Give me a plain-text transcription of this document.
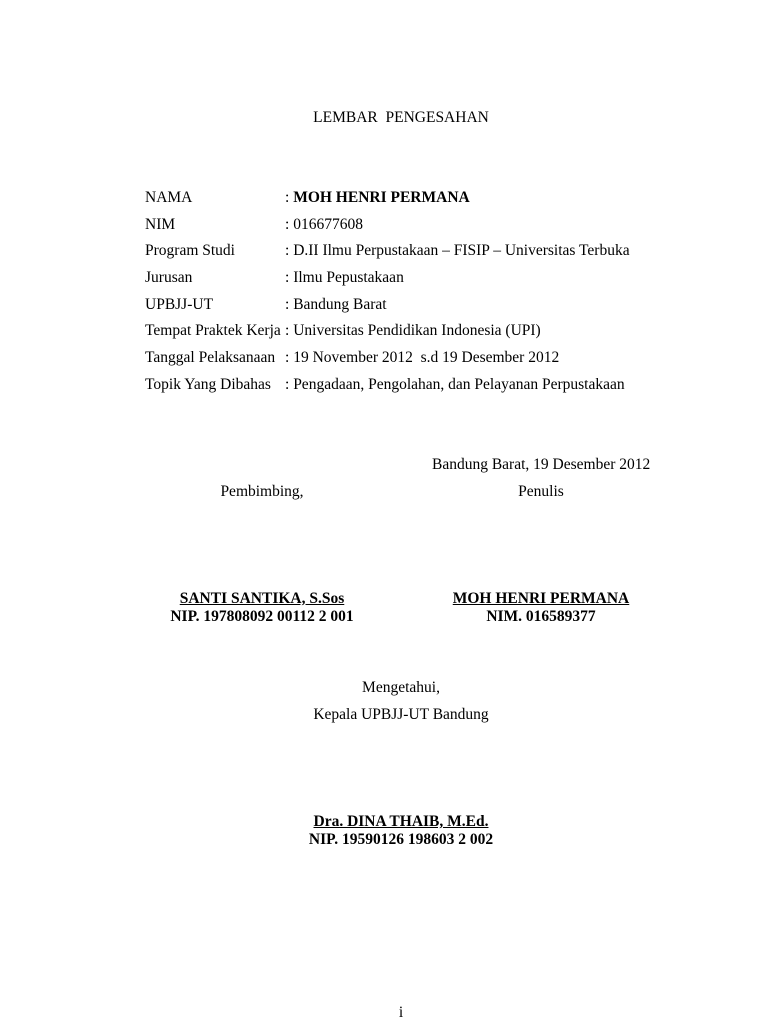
LEMBAR  PENGESAHAN
NAMA	: MOH HENRI PERMANA
NIM	: 016677608
Program Studi	: D.II Ilmu Perpustakaan – FISIP – Universitas Terbuka
Jurusan	: Ilmu Pepustakaan
UPBJJ-UT	: Bandung Barat
Tempat Praktek Kerja : Universitas Pendidikan Indonesia (UPI)
Tanggal Pelaksanaan : 19 November 2012  s.d 19 Desember 2012
Topik Yang Dibahas : Pengadaan, Pengolahan, dan Pelayanan Perpustakaan
Bandung Barat, 19 Desember 2012
Pembimbing,
SANTI SANTIKA, S.Sos
NIP. 197808092 00112 2 001
Penulis
MOH HENRI PERMANA
NIM. 016589377
Mengetahui,
Kepala UPBJJ-UT Bandung
Dra. DINA THAIB, M.Ed.
NIP. 19590126 198603 2 002
i
